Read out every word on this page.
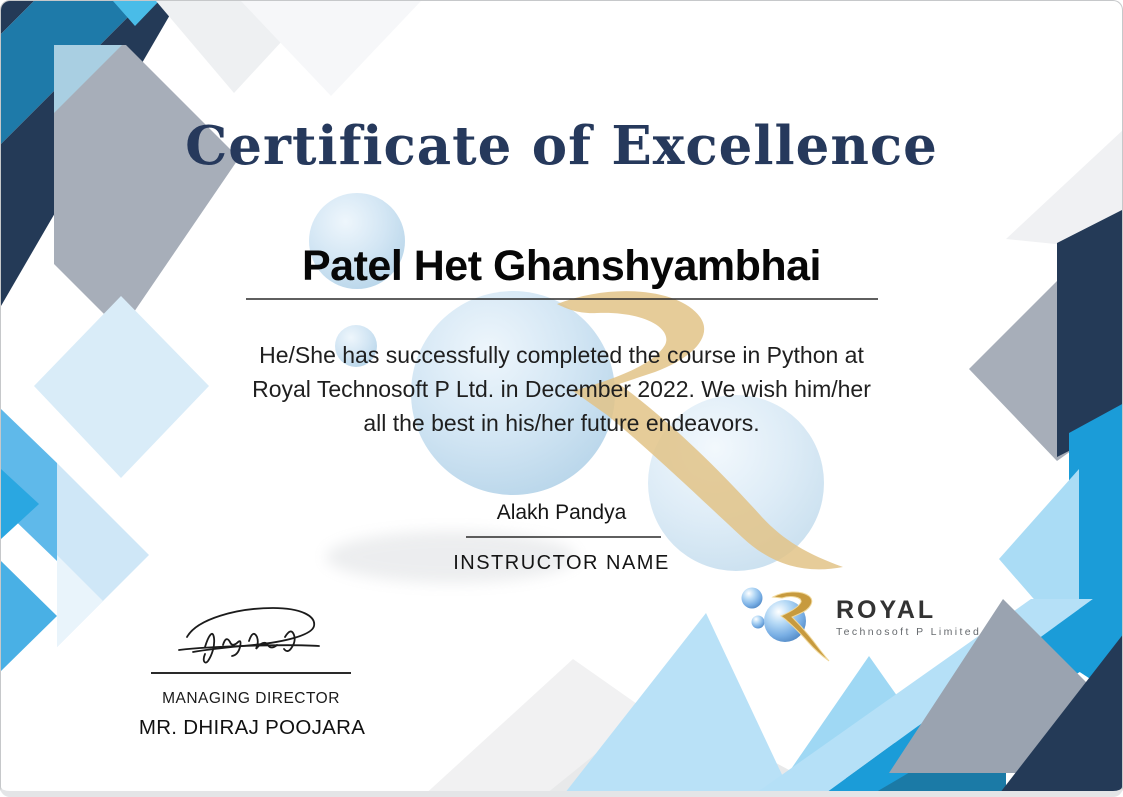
Certificate of Excellence
Patel Het Ghanshyambhai
He/She has successfully completed the course in Python at
Royal Technosoft P Ltd. in December 2022. We wish him/her
all the best in his/her future endeavors.
Alakh Pandya
INSTRUCTOR NAME
MANAGING DIRECTOR
MR. DHIRAJ POOJARA
ROYAL
Technosoft P Limited
